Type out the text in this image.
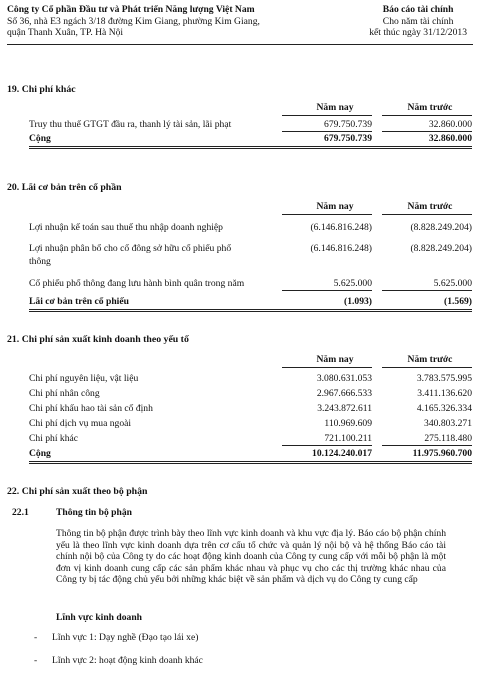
Công ty Cổ phần Đầu tư và Phát triển Năng lượng Việt Nam
Số 36, nhà E3 ngách 3/18 đường Kim Giang, phường Kim Giang,
quận Thanh Xuân, TP. Hà Nội
Báo cáo tài chính
Cho năm tài chính
kết thúc ngày 31/12/2013
19. Chi phí khác
Năm nay	Năm trước
Truy thu thuế GTGT đầu ra, thanh lý tài sản, lãi phạt	679.750.739	32.860.000
Cộng	679.750.739	32.860.000
20. Lãi cơ bản trên cổ phần
Năm nay	Năm trước
Lợi nhuận kế toán sau thuế thu nhập doanh nghiệp	(6.146.816.248)	(8.828.249.204)
Lợi nhuận phân bổ cho cổ đông sở hữu cổ phiếu phổ
thông
(6.146.816.248)	(8.828.249.204)
Cổ phiếu phổ thông đang lưu hành bình quân trong năm	5.625.000	5.625.000
Lãi cơ bản trên cổ phiếu	(1.093)	(1.569)
21. Chi phí sản xuất kinh doanh theo yếu tố
Năm nay	Năm trước
Chi phí nguyên liệu, vật liệu	3.080.631.053	3.783.575.995
Chi phí nhân công	2.967.666.533	3.411.136.620
Chi phí khấu hao tài sản cố định	3.243.872.611	4.165.326.334
Chi phí dịch vụ mua ngoài	110.969.609	340.803.271
Chi phí khác	721.100.211	275.118.480
Cộng	10.124.240.017	11.975.960.700
22. Chi phí sản xuất theo bộ phận
22.1	Thông tin bộ phận
Thông tin bộ phận được trình bày theo lĩnh vực kinh doanh và khu vực địa lý. Báo cáo bộ phận chính yếu là theo lĩnh vực kinh doanh dựa trên cơ cấu tổ chức và quản lý nội bộ và hệ thống Báo cáo tài chính nội bộ của Công ty do các hoạt động kinh doanh của Công ty cung cấp với mỗi bộ phận là một đơn vị kinh doanh cung cấp các sản phẩm khác nhau và phục vụ cho các thị trường khác nhau của Công ty bị tác động chủ yếu bởi những khác biệt về sản phẩm và dịch vụ do Công ty cung cấp
Lĩnh vực kinh doanh
- Lĩnh vực 1: Dạy nghề (Đạo tạo lái xe)
- Lĩnh vực 2: hoạt động kinh doanh khác
